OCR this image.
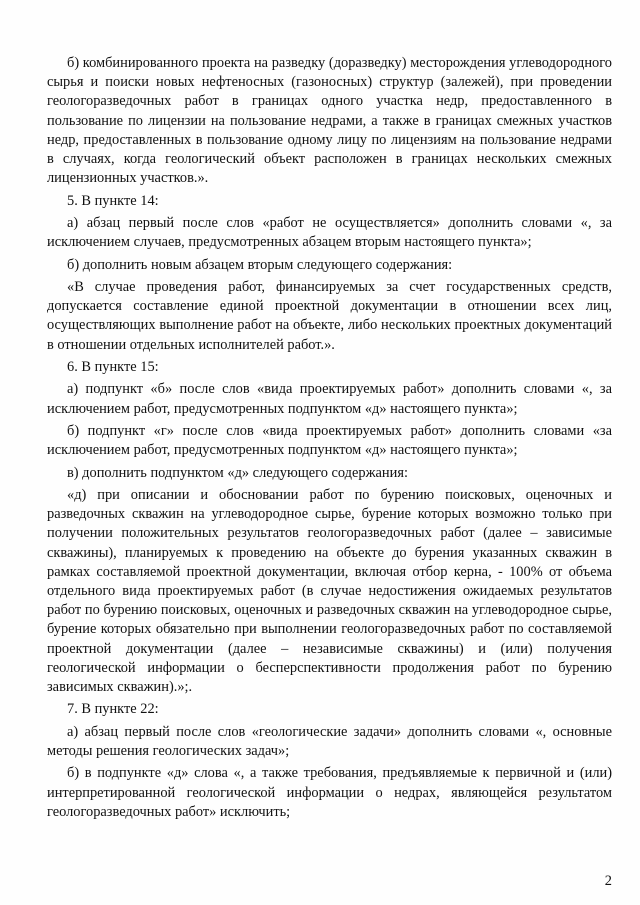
б) комбинированного проекта на разведку (доразведку) месторождения углеводородного сырья и поиски новых нефтеносных (газоносных) структур (залежей), при проведении геологоразведочных работ в границах одного участка недр, предоставленного в пользование по лицензии на пользование недрами, а также в границах смежных участков недр, предоставленных в пользование одному лицу по лицензиям на пользование недрами в случаях, когда геологический объект расположен в границах нескольких смежных лицензионных участков.».

5. В пункте 14:

а) абзац первый после слов «работ не осуществляется» дополнить словами «, за исключением случаев, предусмотренных абзацем вторым настоящего пункта»;

б) дополнить новым абзацем вторым следующего содержания:

«В случае проведения работ, финансируемых за счет государственных средств, допускается составление единой проектной документации в отношении всех лиц, осуществляющих выполнение работ на объекте, либо нескольких проектных документаций в отношении отдельных исполнителей работ.».

6. В пункте 15:

а) подпункт «б» после слов «вида проектируемых работ» дополнить словами «, за исключением работ, предусмотренных подпунктом «д» настоящего пункта»;

б) подпункт «г» после слов «вида проектируемых работ» дополнить словами «за исключением работ, предусмотренных подпунктом «д» настоящего пункта»;

в) дополнить подпунктом «д» следующего содержания:

«д) при описании и обосновании работ по бурению поисковых, оценочных и разведочных скважин на углеводородное сырье, бурение которых возможно только при получении положительных результатов геологоразведочных работ (далее – зависимые скважины), планируемых к проведению на объекте до бурения указанных скважин в рамках составляемой проектной документации, включая отбор керна, - 100% от объема отдельного вида проектируемых работ (в случае недостижения ожидаемых результатов работ по бурению поисковых, оценочных и разведочных скважин на углеводородное сырье, бурение которых обязательно при выполнении геологоразведочных работ по составляемой проектной документации (далее – независимые скважины) и (или) получения геологической информации о бесперспективности продолжения работ по бурению зависимых скважин).»;.

7. В пункте 22:

а) абзац первый после слов «геологические задачи» дополнить словами «, основные методы решения геологических задач»;

б) в подпункте «д» слова «, а также требования, предъявляемые к первичной и (или) интерпретированной геологической информации о недрах, являющейся результатом геологоразведочных работ» исключить;

2
